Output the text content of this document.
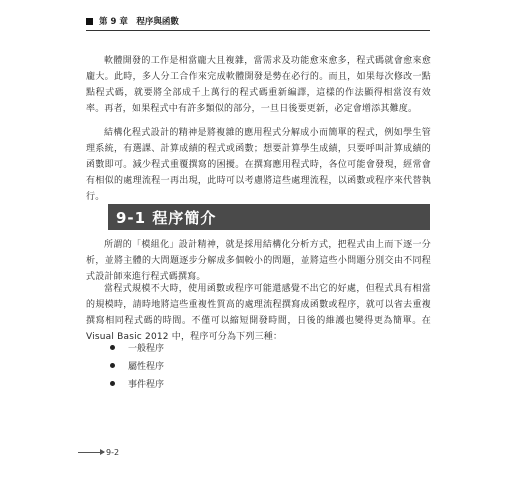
第 9 章　程序與函數

軟體開發的工作是相當龐大且複雜，當需求及功能愈來愈多，程式碼就會愈來愈龐大。此時，多人分工合作來完成軟體開發是勢在必行的。而且，如果每次修改一點點程式碼，就要將全部成千上萬行的程式碼重新編譯，這樣的作法顯得相當沒有效率。再者，如果程式中有許多類似的部分，一旦日後要更新，必定會增添其難度。

結構化程式設計的精神是將複雜的應用程式分解成小而簡單的程式，例如學生管理系統，有選課、計算成績的程式或函數；想要計算學生成績，只要呼叫計算成績的函數即可。減少程式重覆撰寫的困擾。在撰寫應用程式時，各位可能會發現，經常會有相似的處理流程一再出現，此時可以考慮將這些處理流程，以函數或程序來代替執行。

9-1 程序簡介

所謂的「模組化」設計精神，就是採用結構化分析方式，把程式由上而下逐一分析，並將主體的大問題逐步分解成多個較小的問題，並將這些小問題分別交由不同程式設計師來進行程式碼撰寫。

當程式規模不大時，使用函數或程序可能還感覺不出它的好處，但程式具有相當的規模時，請時地將這些重複性質高的處理流程撰寫成函數或程序，就可以省去重複撰寫相同程式碼的時間。不僅可以縮短開發時間，日後的維護也變得更為簡單。在 Visual Basic 2012 中，程序可分為下列三種：

一般程序
屬性程序
事件程序
9-2
